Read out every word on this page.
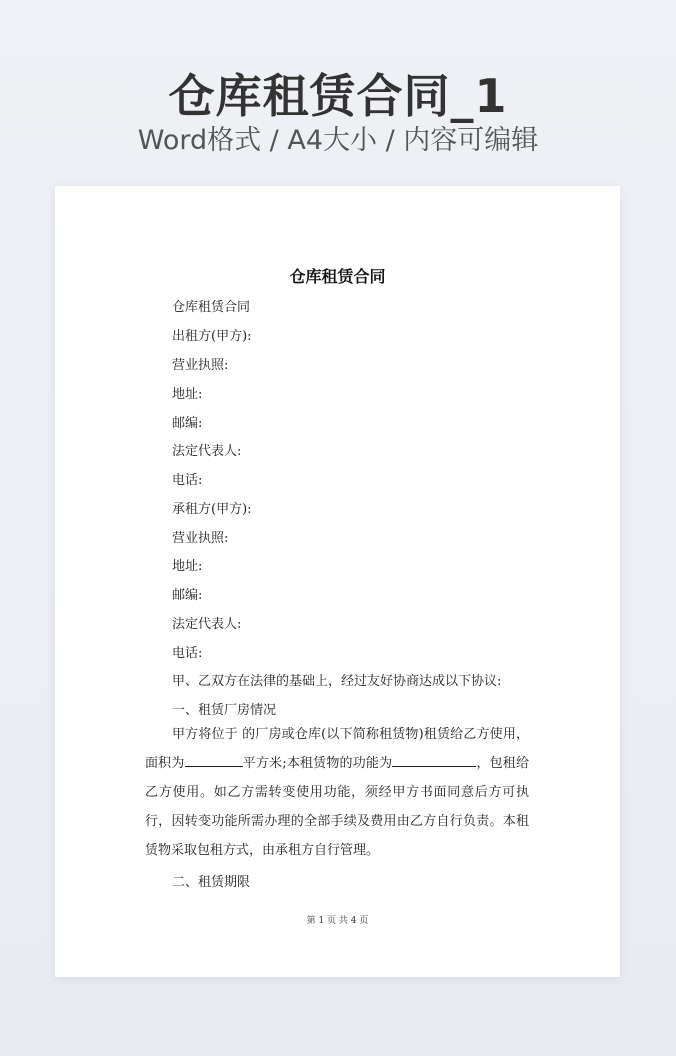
仓库租赁合同_1
Word格式 / A4大小 / 内容可编辑
仓库租赁合同
仓库租赁合同
出租方(甲方):
营业执照:
地址:
邮编:
法定代表人:
电话:
承租方(甲方):
营业执照:
地址:
邮编:
法定代表人:
电话:
甲、乙双方在法律的基础上，经过友好协商达成以下协议:
一、租赁厂房情况
甲方将位于 的厂房或仓库(以下简称租赁物)租赁给乙方使用，面积为	平方米;本租赁物的功能为	，包租给乙方使用。如乙方需转变使用功能，须经甲方书面同意后方可执行，因转变功能所需办理的全部手续及费用由乙方自行负责。本租赁物采取包租方式，由承租方自行管理。
二、租赁期限
第 1 页 共 4 页
